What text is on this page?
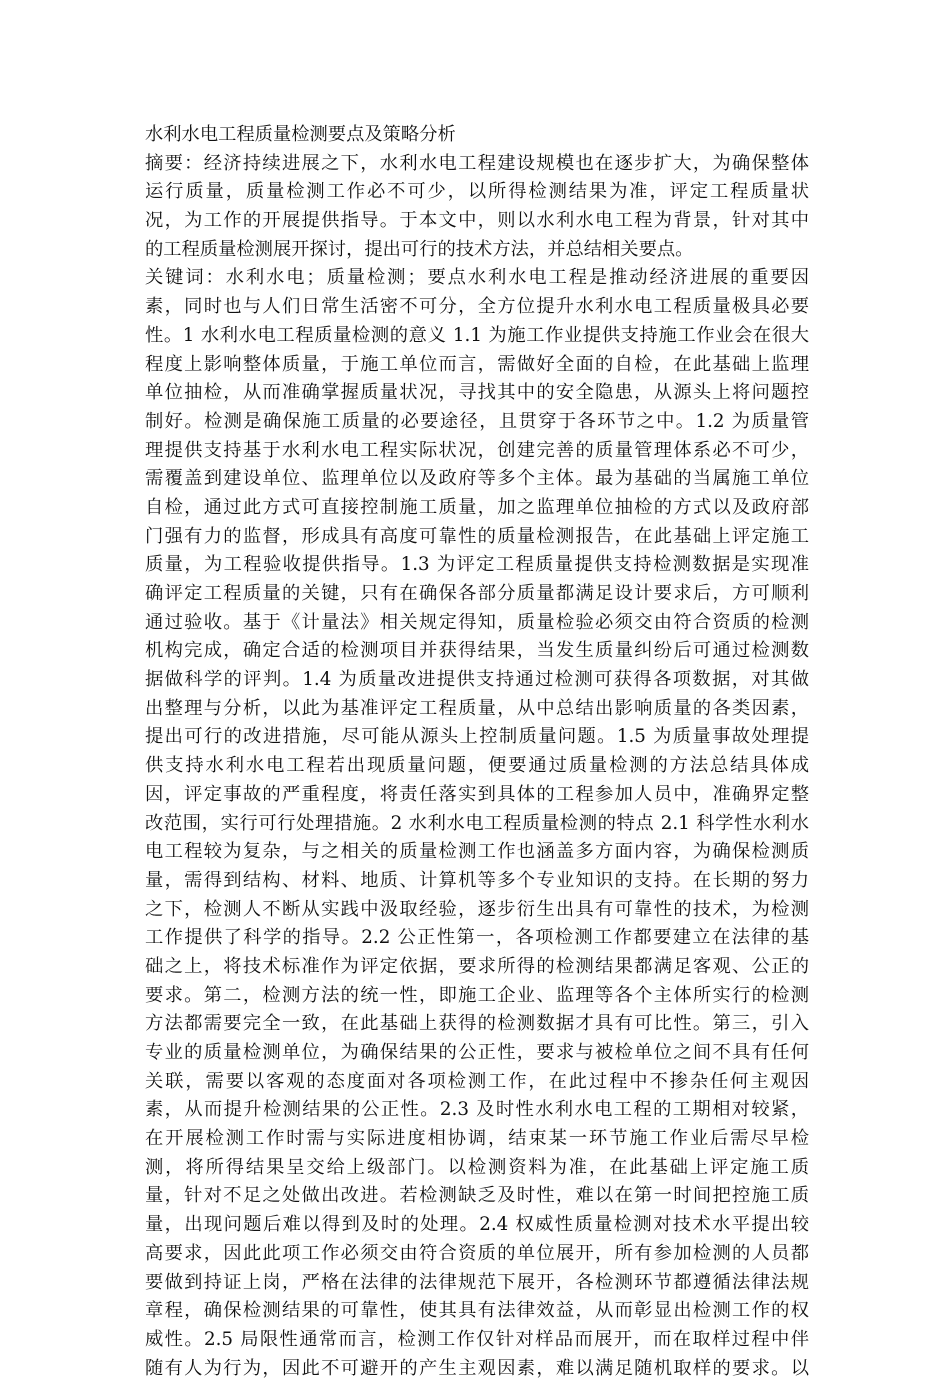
水利水电工程质量检测要点及策略分析
摘要：经济持续进展之下，水利水电工程建设规模也在逐步扩大，为确保整体
运行质量，质量检测工作必不可少，以所得检测结果为准，评定工程质量状
况，为工作的开展提供指导。于本文中，则以水利水电工程为背景，针对其中
的工程质量检测展开探讨，提出可行的技术方法，并总结相关要点。
关键词：水利水电；质量检测；要点水利水电工程是推动经济进展的重要因
素，同时也与人们日常生活密不可分，全方位提升水利水电工程质量极具必要
性。1 水利水电工程质量检测的意义 1.1 为施工作业提供支持施工作业会在很大
程度上影响整体质量，于施工单位而言，需做好全面的自检，在此基础上监理
单位抽检，从而准确掌握质量状况，寻找其中的安全隐患，从源头上将问题控
制好。检测是确保施工质量的必要途径，且贯穿于各环节之中。1.2 为质量管
理提供支持基于水利水电工程实际状况，创建完善的质量管理体系必不可少，
需覆盖到建设单位、监理单位以及政府等多个主体。最为基础的当属施工单位
自检，通过此方式可直接控制施工质量，加之监理单位抽检的方式以及政府部
门强有力的监督，形成具有高度可靠性的质量检测报告，在此基础上评定施工
质量，为工程验收提供指导。1.3 为评定工程质量提供支持检测数据是实现准
确评定工程质量的关键，只有在确保各部分质量都满足设计要求后，方可顺利
通过验收。基于《计量法》相关规定得知，质量检验必须交由符合资质的检测
机构完成，确定合适的检测项目并获得结果，当发生质量纠纷后可通过检测数
据做科学的评判。1.4 为质量改进提供支持通过检测可获得各项数据，对其做
出整理与分析，以此为基准评定工程质量，从中总结出影响质量的各类因素，
提出可行的改进措施，尽可能从源头上控制质量问题。1.5 为质量事故处理提
供支持水利水电工程若出现质量问题，便要通过质量检测的方法总结具体成
因，评定事故的严重程度，将责任落实到具体的工程参加人员中，准确界定整
改范围，实行可行处理措施。2 水利水电工程质量检测的特点 2.1 科学性水利水
电工程较为复杂，与之相关的质量检测工作也涵盖多方面内容，为确保检测质
量，需得到结构、材料、地质、计算机等多个专业知识的支持。在长期的努力
之下，检测人不断从实践中汲取经验，逐步衍生出具有可靠性的技术，为检测
工作提供了科学的指导。2.2 公正性第一，各项检测工作都要建立在法律的基
础之上，将技术标准作为评定依据，要求所得的检测结果都满足客观、公正的
要求。第二，检测方法的统一性，即施工企业、监理等各个主体所实行的检测
方法都需要完全一致，在此基础上获得的检测数据才具有可比性。第三，引入
专业的质量检测单位，为确保结果的公正性，要求与被检单位之间不具有任何
关联，需要以客观的态度面对各项检测工作，在此过程中不掺杂任何主观因
素，从而提升检测结果的公正性。2.3 及时性水利水电工程的工期相对较紧，
在开展检测工作时需与实际进度相协调，结束某一环节施工作业后需尽早检
测，将所得结果呈交给上级部门。以检测资料为准，在此基础上评定施工质
量，针对不足之处做出改进。若检测缺乏及时性，难以在第一时间把控施工质
量，出现问题后难以得到及时的处理。2.4 权威性质量检测对技术水平提出较
高要求，因此此项工作必须交由符合资质的单位展开，所有参加检测的人员都
要做到持证上岗，严格在法律的法律规范下展开，各检测环节都遵循法律法规
章程，确保检测结果的可靠性，使其具有法律效益，从而彰显出检测工作的权
威性。2.5 局限性通常而言，检测工作仅针对样品而展开，而在取样过程中伴
随有人为行为，因此不可避开的产生主观因素，难以满足随机取样的要求。以
